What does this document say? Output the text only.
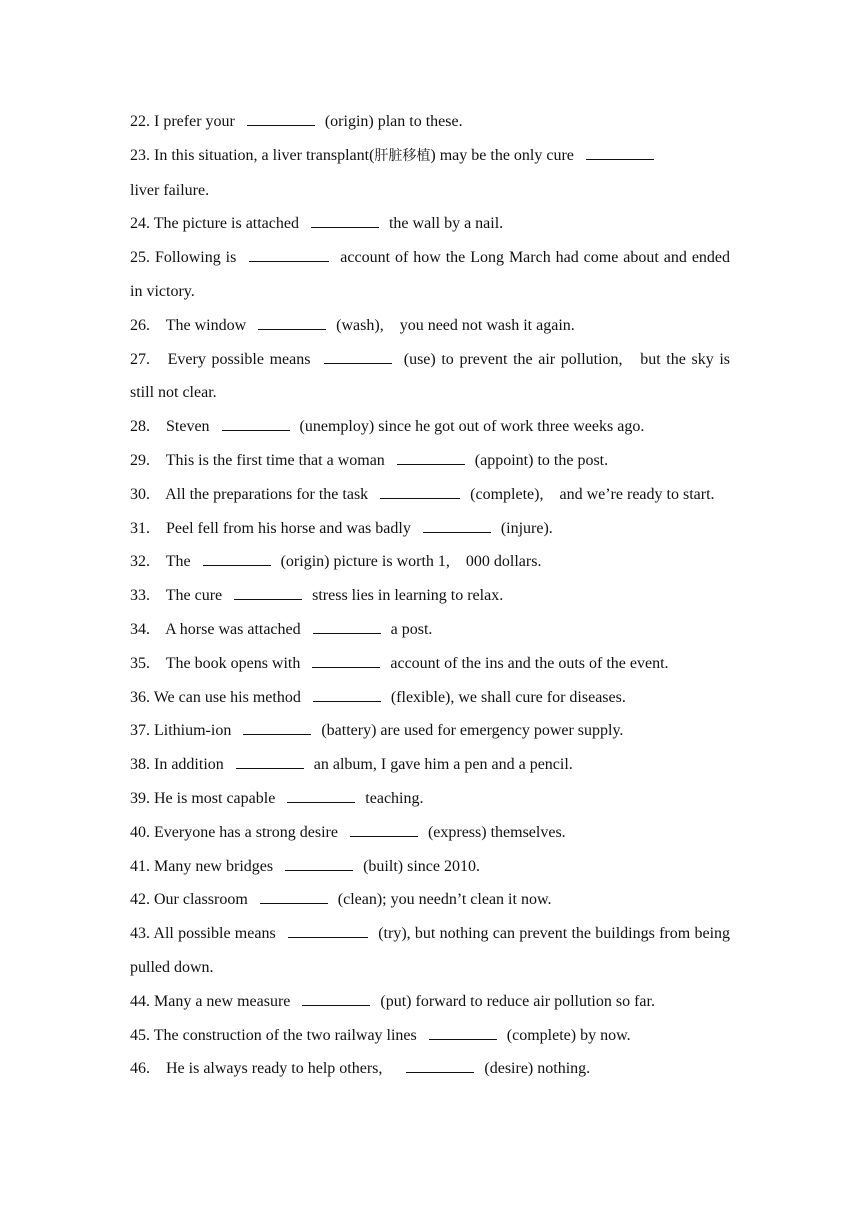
22. I prefer your	(origin) plan to these.

23. In this situation, a liver transplant(肝脏移植) may be the only cure
liver failure.

24. The picture is attached	the wall by a nail.

25. Following is	account of how the Long March had come about and ended in victory.

26. The window	(wash), you need not wash it again.

27. Every possible means	(use) to prevent the air pollution, but the sky is still not clear.

28. Steven	(unemploy) since he got out of work three weeks ago.

29. This is the first time that a woman	(appoint) to the post.

30. All the preparations for the task	(complete), and we’re ready to start.

31. Peel fell from his horse and was badly	(injure).

32. The	(origin) picture is worth 1, 000 dollars.

33. The cure	stress lies in learning to relax.

34. A horse was attached	a post.

35. The book opens with	account of the ins and the outs of the event.

36. We can use his method	(flexible), we shall cure for diseases.

37. Lithium-ion	(battery) are used for emergency power supply.

38. In addition	an album, I gave him a pen and a pencil.

39. He is most capable	teaching.

40. Everyone has a strong desire	(express) themselves.

41. Many new bridges	(built) since 2010.

42. Our classroom	(clean); you needn’t clean it now.

43. All possible means	(try), but nothing can prevent the buildings from being pulled down.

44. Many a new measure	(put) forward to reduce air pollution so far.

45. The construction of the two railway lines	(complete) by now.

46. He is always ready to help others,	(desire) nothing.
